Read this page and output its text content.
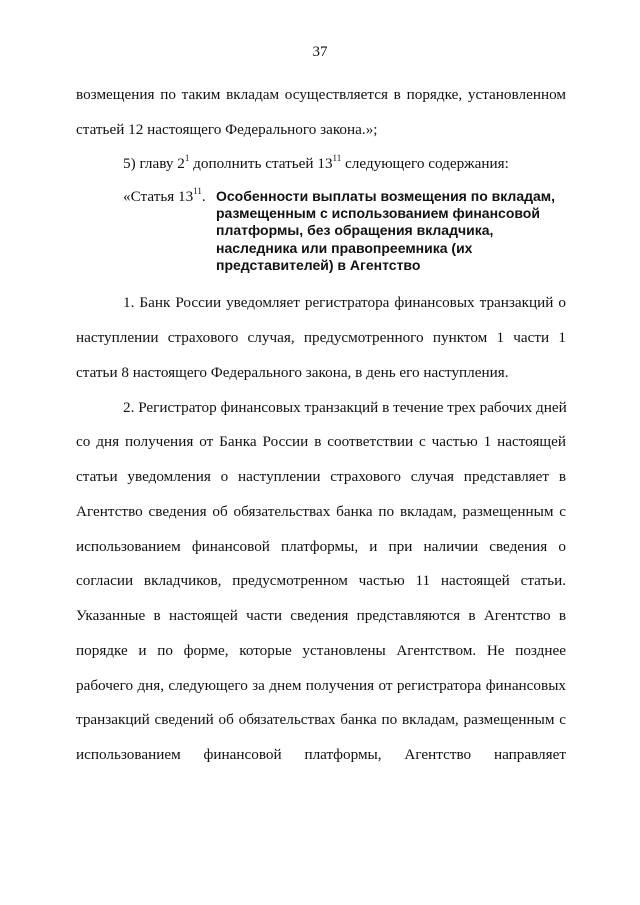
37
возмещения по таким вкладам осуществляется в порядке, установленном
статьей 12 настоящего Федерального закона.»;
5) главу $2^1$ дополнить статьей $13^{11}$ следующего содержания:
«Статья $13^{11}$. Особенности выплаты возмещения по вкладам,
размещенным с использованием финансовой
платформы, без обращения вкладчика,
наследника или правопреемника (их
представителей) в Агентство
1. Банк России уведомляет регистратора финансовых транзакций о
наступлении страхового случая, предусмотренного пунктом 1 части 1
статьи 8 настоящего Федерального закона, в день его наступления.
2. Регистратор финансовых транзакций в течение трех рабочих дней
со дня получения от Банка России в соответствии с частью 1 настоящей
статьи уведомления о наступлении страхового случая представляет в
Агентство сведения об обязательствах банка по вкладам, размещенным с
использованием финансовой платформы, и при наличии сведения о
согласии вкладчиков, предусмотренном частью 11 настоящей статьи.
Указанные в настоящей части сведения представляются в Агентство в
порядке и по форме, которые установлены Агентством. Не позднее
рабочего дня, следующего за днем получения от регистратора финансовых
транзакций сведений об обязательствах банка по вкладам, размещенным с
использованием финансовой платформы, Агентство направляет
